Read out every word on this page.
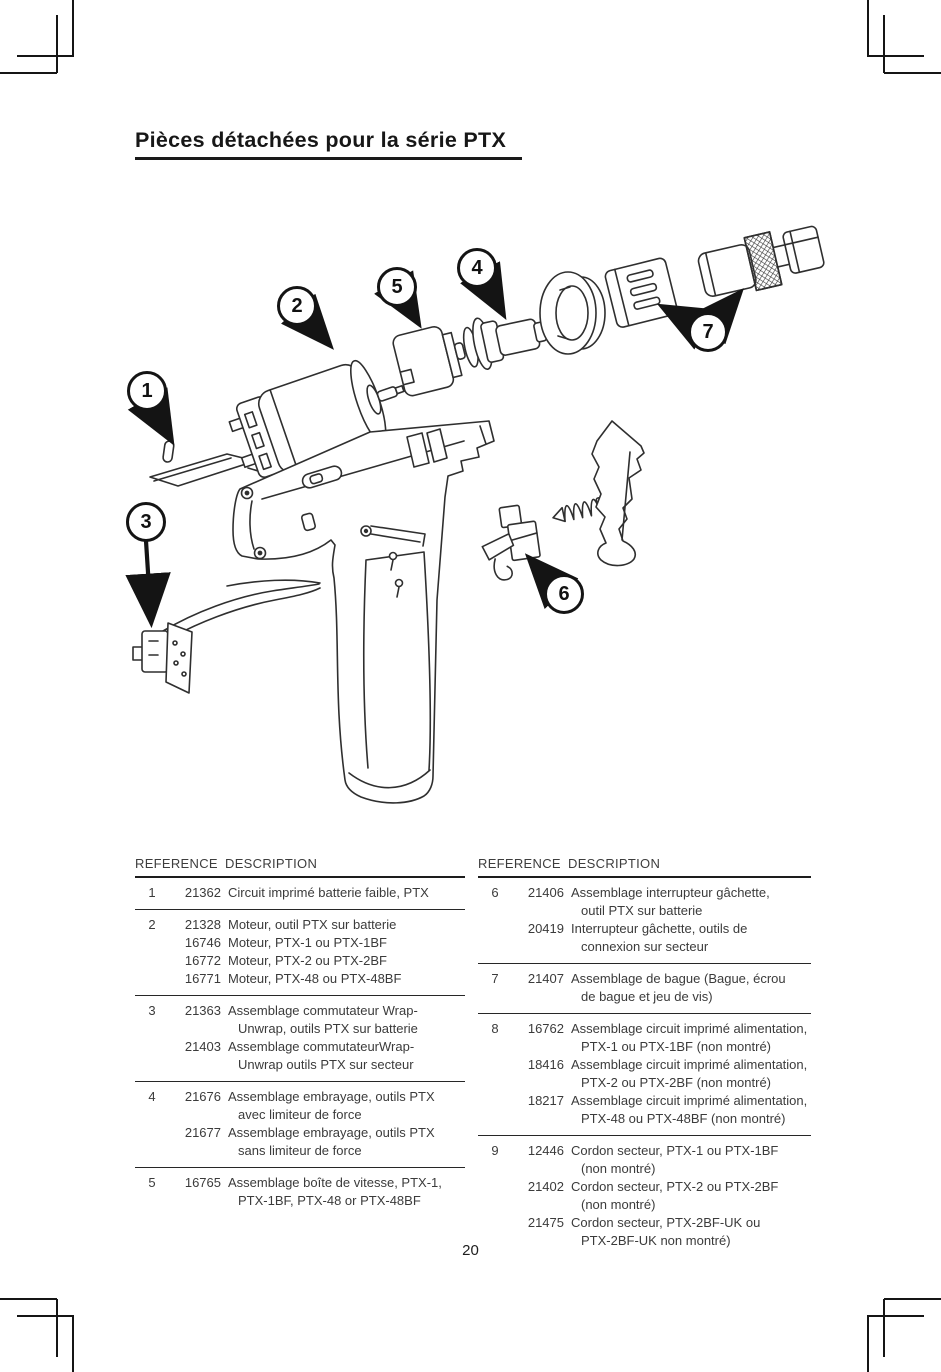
Pièces détachées pour la série PTX
1
2
3
4
5
6
7
REFERENCE DESCRIPTION
1	21362 Circuit imprimé batterie faible, PTX
2	21328 Moteur, outil PTX sur batterie
16746 Moteur, PTX-1 ou PTX-1BF
16772 Moteur, PTX-2 ou PTX-2BF
16771 Moteur, PTX-48 ou PTX-48BF
3	21363 Assemblage commutateur Wrap-
Unwrap, outils PTX sur batterie
21403 Assemblage commutateurWrap-
Unwrap outils PTX sur secteur
4	21676 Assemblage embrayage, outils PTX
avec limiteur de force
21677 Assemblage embrayage, outils PTX
sans limiteur de force
5	16765 Assemblage boîte de vitesse, PTX-1,
PTX-1BF, PTX-48 or PTX-48BF
REFERENCE DESCRIPTION
6	21406 Assemblage interrupteur gâchette,
outil PTX sur batterie
20419 Interrupteur gâchette, outils de
connexion sur secteur
7	21407 Assemblage de bague (Bague, écrou
de bague et jeu de vis)
8	16762 Assemblage circuit imprimé alimentation,
PTX-1 ou PTX-1BF (non montré)
18416 Assemblage circuit imprimé alimentation,
PTX-2 ou PTX-2BF (non montré)
18217 Assemblage circuit imprimé alimentation,
PTX-48 ou PTX-48BF (non montré)
9	12446 Cordon secteur, PTX-1 ou PTX-1BF
(non montré)
21402 Cordon secteur, PTX-2 ou PTX-2BF
(non montré)
21475 Cordon secteur, PTX-2BF-UK ou
PTX-2BF-UK non montré)
20
